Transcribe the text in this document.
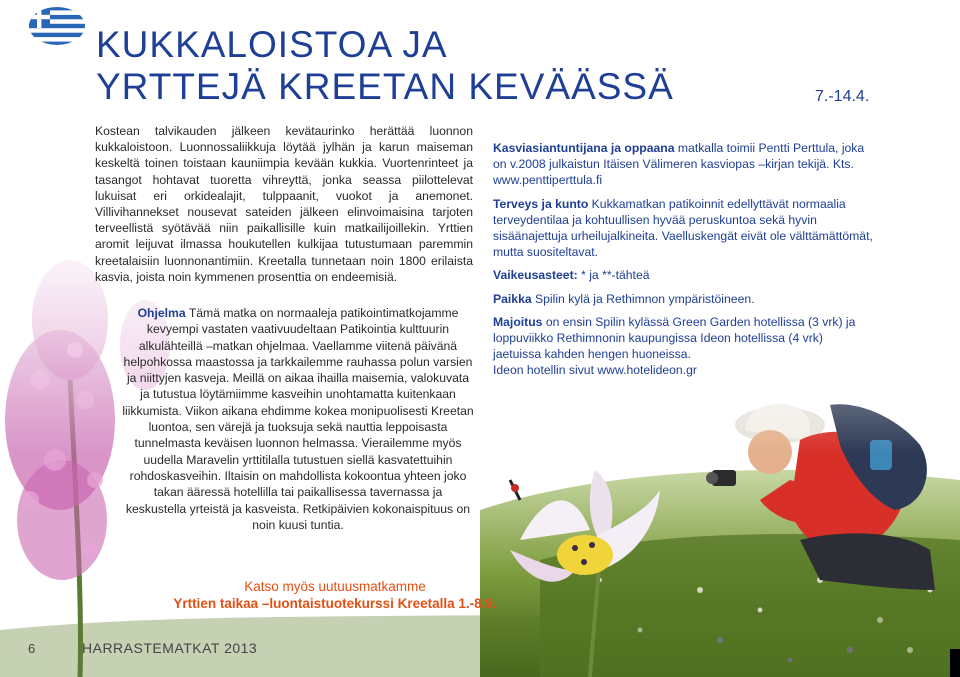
KUKKALOISTOA JA
YRTTEJÄ KREETAN KEVÄÄSSÄ	7.-14.4.

Kostean talvikauden jälkeen kevätaurinko herättää luonnon kukkaloistoon. Luonnossaliikkuja löytää jylhän ja karun maiseman keskeltä toinen toistaan kauniimpia kevään kukkia. Vuortenrinteet ja tasangot hohtavat tuoretta vihreyttä, jonka seassa piilottelevat lukuisat eri orkidealajit, tulppaanit, vuokot ja anemonet. Villivihannekset nousevat sateiden jälkeen elinvoimaisina tarjoten terveellistä syötävää niin paikallisille kuin matkailijoillekin. Yrttien aromit leijuvat ilmassa houkutellen kulkijaa tutustumaan paremmin kreetalaisiin luonnonantimiin. Kreetalla tunnetaan noin 1800 erilaista kasvia, joista noin kymmenen prosenttia on endeemisiä.

Ohjelma Tämä matka on normaaleja patikointimatkojamme kevyempi vastaten vaativuudeltaan Patikointia kulttuurin alkulähteillä –matkan ohjelmaa. Vaellamme viitenä päivänä helpohkossa maastossa ja tarkkailemme rauhassa polun varsien ja niittyjen kasveja. Meillä on aikaa ihailla maisemia, valokuvata ja tutustua löytämiimme kasveihin unohtamatta kuitenkaan liikkumista. Viikon aikana ehdimme kokea monipuolisesti Kreetan luontoa, sen värejä ja tuoksuja sekä nauttia leppoisasta tunnelmasta keväisen luonnon helmassa. Vierailemme myös uudella Maravelin yrttitilalla tutustuen siellä kasvatettuihin rohdoskasveihin. Iltaisin on mahdollista kokoontua yhteen joko takan ääressä hotellilla tai paikallisessa tavernassa ja keskustella yrteistä ja kasveista. Retkipäivien kokonaispituus on noin kuusi tuntia.

Kasviasiantuntijana ja oppaana matkalla toimii Pentti Perttula, joka on v.2008 julkaistun Itäisen Välimeren kasviopas –kirjan tekijä. Kts. www.penttiperttula.fi

Terveys ja kunto Kukkamatkan patikoinnit edellyttävät normaalia terveydentilaa ja kohtuullisen hyvää peruskuntoa sekä hyvin sisäänajettuja urheilujalkineita. Vaelluskengät eivät ole välttämättömät, mutta suositeltavat.

Vaikeusasteet: * ja **-tähteä

Paikka Spilin kylä ja Rethimnon ympäristöineen.

Majoitus on ensin Spilin kylässä Green Garden hotellissa (3 vrk) ja loppuviikko Rethimnonin kaupungissa Ideon hotellissa (4 vrk) jaetuissa kahden hengen huoneissa.

Ideon hotellin sivut www.hotelideon.gr

Katso myös uutuusmatkamme
Yrttien taikaa –luontaistuotekurssi Kreetalla 1.-8.9.
6	HARRASTEMATKAT 2013
